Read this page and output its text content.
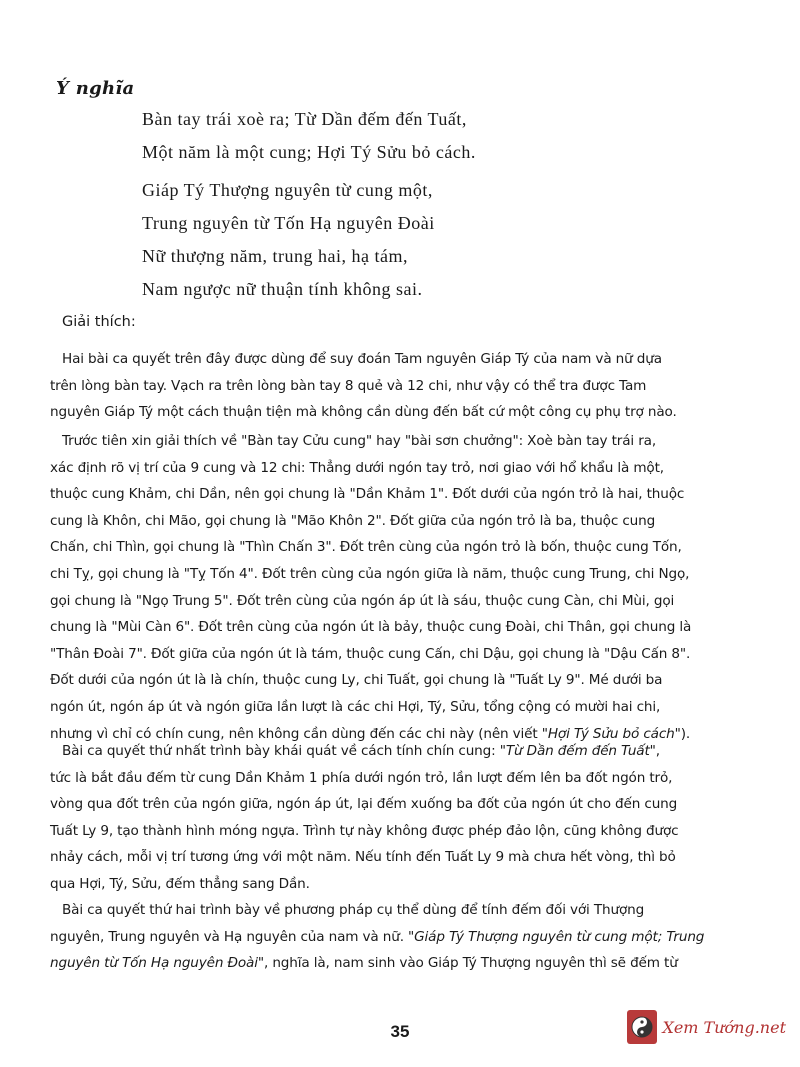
Ý nghĩa
Bàn tay trái xoè ra; Từ Dần đếm đến Tuất,
Một năm là một cung; Hợi Tý Sửu bỏ cách.
Giáp Tý Thượng nguyên từ cung một,
Trung nguyên từ Tốn Hạ nguyên Đoài
Nữ thượng năm, trung hai, hạ tám,
Nam ngược nữ thuận tính không sai.
Giải thích:
Hai bài ca quyết trên đây được dùng để suy đoán Tam nguyên Giáp Tý của nam và nữ dựa
trên lòng bàn tay. Vạch ra trên lòng bàn tay 8 quẻ và 12 chi, như vậy có thể tra được Tam
nguyên Giáp Tý một cách thuận tiện mà không cần dùng đến bất cứ một công cụ phụ trợ nào.
Trước tiên xin giải thích về "Bàn tay Cửu cung" hay "bài sơn chưởng": Xoè bàn tay trái ra,
xác định rõ vị trí của 9 cung và 12 chi: Thẳng dưới ngón tay trỏ, nơi giao với hổ khẩu là một,
thuộc cung Khảm, chi Dần, nên gọi chung là "Dần Khảm 1". Đốt dưới của ngón trỏ là hai, thuộc
cung là Khôn, chi Mão, gọi chung là "Mão Khôn 2". Đốt giữa của ngón trỏ là ba, thuộc cung
Chấn, chi Thìn, gọi chung là "Thìn Chấn 3". Đốt trên cùng của ngón trỏ là bốn, thuộc cung Tốn,
chi Tỵ, gọi chung là "Tỵ Tốn 4". Đốt trên cùng của ngón giữa là năm, thuộc cung Trung, chi Ngọ,
gọi chung là "Ngọ Trung 5". Đốt trên cùng của ngón áp út là sáu, thuộc cung Càn, chi Mùi, gọi
chung là "Mùi Càn 6". Đốt trên cùng của ngón út là bảy, thuộc cung Đoài, chi Thân, gọi chung là
"Thân Đoài 7". Đốt giữa của ngón út là tám, thuộc cung Cấn, chi Dậu, gọi chung là "Dậu Cấn 8".
Đốt dưới của ngón út là là chín, thuộc cung Ly, chi Tuất, gọi chung là "Tuất Ly 9". Mé dưới ba
ngón út, ngón áp út và ngón giữa lần lượt là các chi Hợi, Tý, Sửu, tổng cộng có mười hai chi,
nhưng vì chỉ có chín cung, nên không cần dùng đến các chi này (nên viết "Hợi Tý Sửu bỏ cách").
Bài ca quyết thứ nhất trình bày khái quát về cách tính chín cung: "Từ Dần đếm đến Tuất",
tức là bắt đầu đếm từ cung Dần Khảm 1 phía dưới ngón trỏ, lần lượt đếm lên ba đốt ngón trỏ,
vòng qua đốt trên của ngón giữa, ngón áp út, lại đếm xuống ba đốt của ngón út cho đến cung
Tuất Ly 9, tạo thành hình móng ngựa. Trình tự này không được phép đảo lộn, cũng không được
nhảy cách, mỗi vị trí tương ứng với một năm. Nếu tính đến Tuất Ly 9 mà chưa hết vòng, thì bỏ
qua Hợi, Tý, Sửu, đếm thẳng sang Dần.
Bài ca quyết thứ hai trình bày về phương pháp cụ thể dùng để tính đếm đối với Thượng
nguyên, Trung nguyên và Hạ nguyên của nam và nữ. "Giáp Tý Thượng nguyên từ cung một; Trung
nguyên từ Tốn Hạ nguyên Đoài", nghĩa là, nam sinh vào Giáp Tý Thượng nguyên thì sẽ đếm từ
35	Xem Tướng.net
